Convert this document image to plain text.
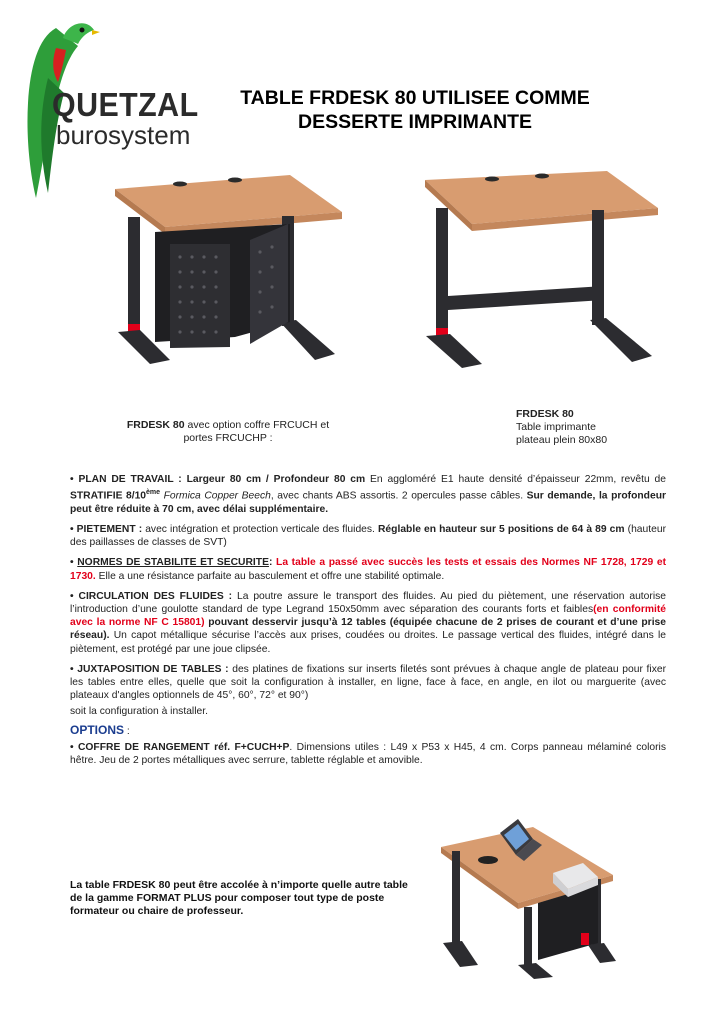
QUETZAL
burosystem
TABLE FRDESK 80 UTILISEE COMME
DESSERTE IMPRIMANTE
FRDESK 80 avec option coffre FRCUCH et
portes FRCUCHP :
FRDESK 80
Table imprimante
plateau plein 80x80

• PLAN DE TRAVAIL : Largeur 80 cm / Profondeur 80 cm En aggloméré E1 haute densité d’épaisseur 22mm, revêtu de STRATIFIE 8/10ème Formica Copper Beech, avec chants ABS assortis. 2 opercules passe câbles. Sur demande, la profondeur peut être réduite à 70 cm, avec délai supplémentaire.

• PIETEMENT : avec intégration et protection verticale des fluides. Réglable en hauteur sur 5 positions de 64 à 89 cm (hauteur des paillasses de classes de SVT)

• NORMES DE STABILITE ET SECURITE: La table a passé avec succès les tests et essais des Normes NF 1728, 1729 et 1730. Elle a une résistance parfaite au basculement et offre une stabilité optimale.

• CIRCULATION DES FLUIDES : La poutre assure le transport des fluides. Au pied du piètement, une réservation autorise l’introduction d’une goulotte standard de type Legrand 150x50mm avec séparation des courants forts et faibles(en conformité avec la norme NF C 15801) pouvant desservir jusqu’à 12 tables (équipée chacune de 2 prises de courant et d’une prise réseau). Un capot métallique sécurise l’accès aux prises, coudées ou droites. Le passage vertical des fluides, intégré dans le piètement, est protégé par une joue clipsée.

• JUXTAPOSITION DE TABLES : des platines de fixations sur inserts filetés sont prévues à chaque angle de plateau pour fixer les tables entre elles, quelle que soit la configuration à installer, en ligne, face à face, en angle, en ilot ou marguerite (avec plateaux d'angles optionnels de 45°, 60°, 72° et 90°)

soit la configuration à installer.

OPTIONS :

• COFFRE DE RANGEMENT réf. F+CUCH+P. Dimensions utiles : L49 x P53 x H45, 4 cm. Corps panneau mélaminé coloris hêtre. Jeu de 2 portes métalliques avec serrure, tablette réglable et amovible.

La table FRDESK 80 peut être accolée à n’importe quelle autre table de la gamme FORMAT PLUS pour composer tout type de poste formateur ou chaire de professeur.
